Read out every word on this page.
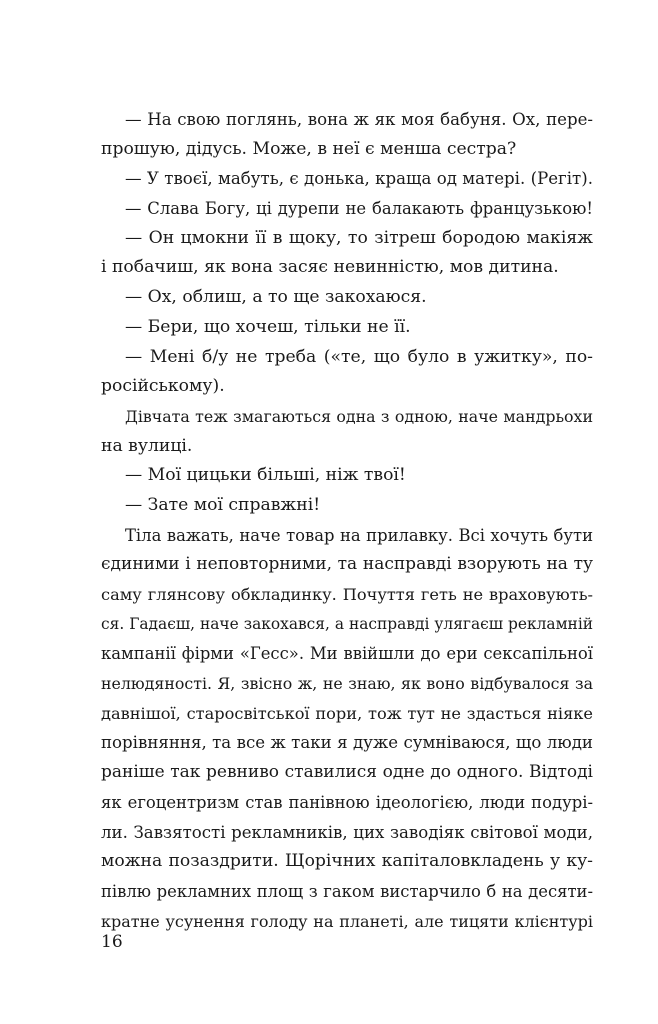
— На свою поглянь, вона ж як моя бабуня. Ох, пере-
прошую, дідусь. Може, в неї є менша сестра?
— У твоєї, мабуть, є донька, краща од матері. (Регіт).
— Слава Богу, ці дурепи не балакають французькою!
— Он цмокни її в щоку, то зітреш бородою макіяж
і побачиш, як вона засяє невинністю, мов дитина.
— Ох, облиш, а то ще закохаюся.
— Бери, що хочеш, тільки не її.
— Мені б/у не треба («те, що було в ужитку», по-
російському).
Дівчата теж змагаються одна з одною, наче мандрьохи
на вулиці.
— Мої цицьки більші, ніж твої!
— Зате мої справжні!
Тіла важать, наче товар на прилавку. Всі хочуть бути
єдиними і неповторними, та насправді взорують на ту
саму глянсову обкладинку. Почуття геть не враховують-
ся. Гадаєш, наче закохався, а насправді улягаєш рекламній
кампанії фірми «Гесс». Ми ввійшли до ери сексапільної
нелюдяності. Я, звісно ж, не знаю, як воно відбувалося за
давнішої, старосвітської пори, тож тут не здасться ніяке
порівняння, та все ж таки я дуже сумніваюся, що люди
раніше так ревниво ставилися одне до одного. Відтоді
як егоцентризм став панівною ідеологією, люди подурі-
ли. Завзятості рекламників, цих заводіяк світової моди,
можна позаздрити. Щорічних капіталовкладень у ку-
півлю рекламних площ з гаком вистарчило б на десяти-
кратне усунення голоду на планеті, але тицяти клієнтурі
16
